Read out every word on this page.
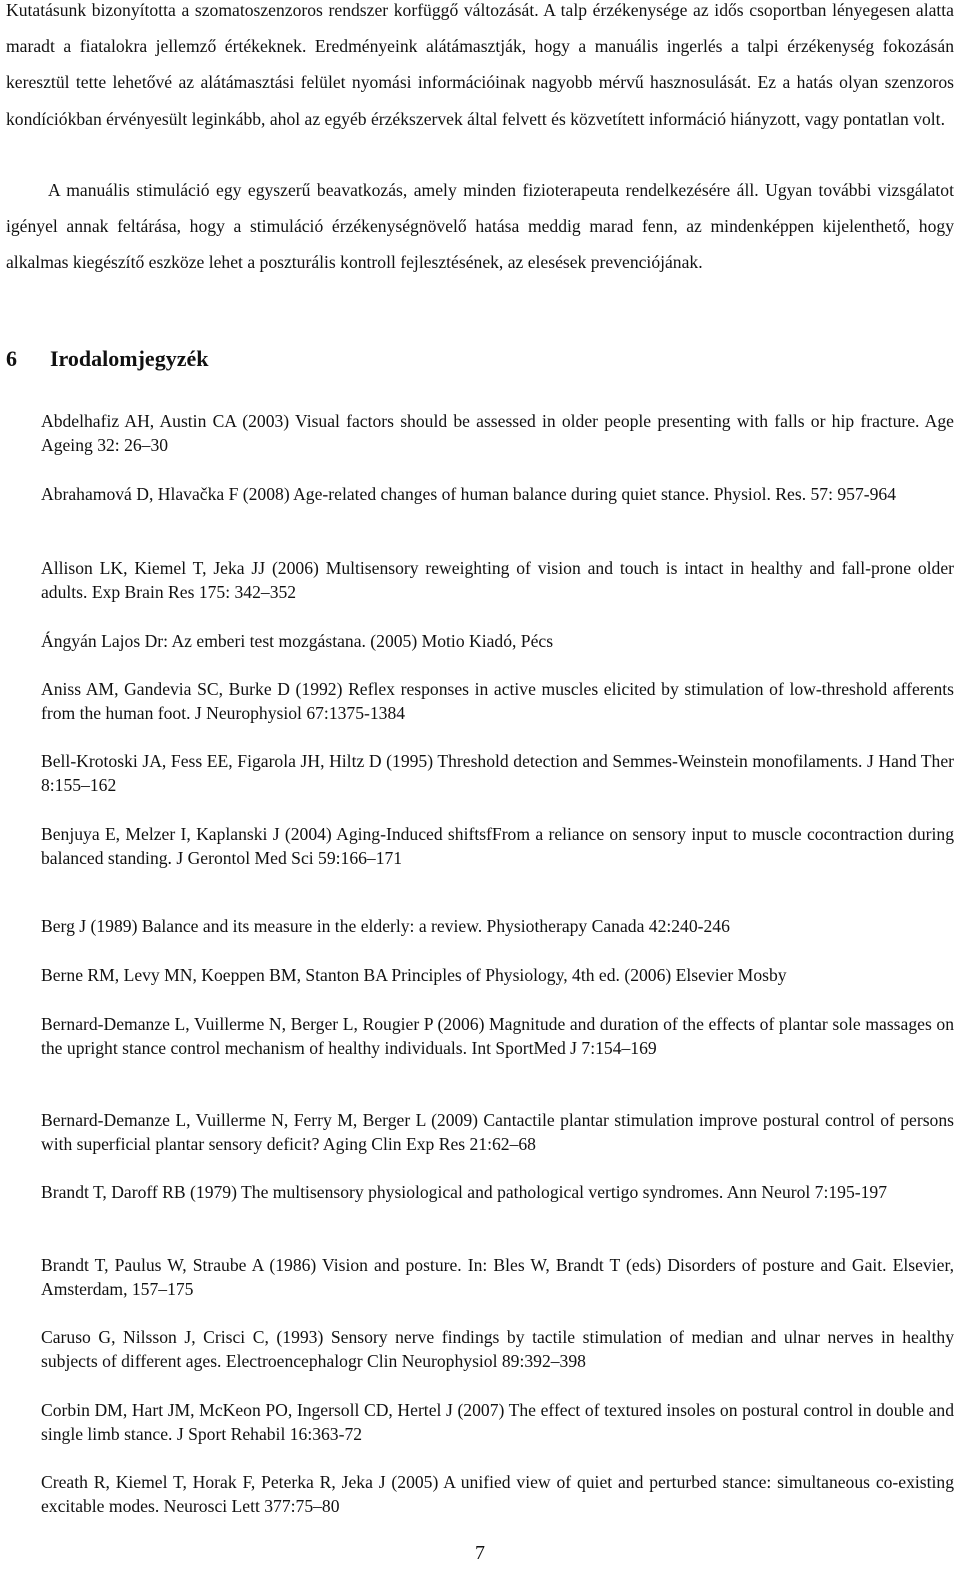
Kutatásunk bizonyította a szomatoszenzoros rendszer korfüggő változását. A talp érzékenysége az idős csoportban lényegesen alatta maradt a fiatalokra jellemző értékeknek. Eredményeink alátámasztják, hogy a manuális ingerlés a talpi érzékenység fokozásán keresztül tette lehetővé az alátámasztási felület nyomási információinak nagyobb mérvű hasznosulását. Ez a hatás olyan szenzoros kondíciókban érvényesült leginkább, ahol az egyéb érzékszervek által felvett és közvetített információ hiányzott, vagy pontatlan volt.

A manuális stimuláció egy egyszerű beavatkozás, amely minden fizioterapeuta rendelkezésére áll. Ugyan további vizsgálatot igényel annak feltárása, hogy a stimuláció érzékenységnövelő hatása meddig marad fenn, az mindenképpen kijelenthető, hogy alkalmas kiegészítő eszköze lehet a poszturális kontroll fejlesztésének, az elesések prevenciójának.

6 Irodalomjegyzék

Abdelhafiz AH, Austin CA (2003) Visual factors should be assessed in older people presenting with falls or hip fracture. Age Ageing 32: 26–30

Abrahamová D, Hlavačka F (2008) Age-related changes of human balance during quiet stance. Physiol. Res. 57: 957-964

Allison LK, Kiemel T, Jeka JJ (2006) Multisensory reweighting of vision and touch is intact in healthy and fall-prone older adults. Exp Brain Res 175: 342–352

Ángyán Lajos Dr: Az emberi test mozgástana. (2005) Motio Kiadó, Pécs

Aniss AM, Gandevia SC, Burke D (1992) Reflex responses in active muscles elicited by stimulation of low-threshold afferents from the human foot. J Neurophysiol 67:1375-1384

Bell-Krotoski JA, Fess EE, Figarola JH, Hiltz D (1995) Threshold detection and Semmes-Weinstein monofilaments. J Hand Ther 8:155–162

Benjuya E, Melzer I, Kaplanski J (2004) Aging-Induced shiftsfFrom a reliance on sensory input to muscle cocontraction during balanced standing. J Gerontol Med Sci 59:166–171

Berg J (1989) Balance and its measure in the elderly: a review. Physiotherapy Canada 42:240-246

Berne RM, Levy MN, Koeppen BM, Stanton BA Principles of Physiology, 4th ed. (2006) Elsevier Mosby

Bernard-Demanze L, Vuillerme N, Berger L, Rougier P (2006) Magnitude and duration of the effects of plantar sole massages on the upright stance control mechanism of healthy individuals. Int SportMed J 7:154–169

Bernard-Demanze L, Vuillerme N, Ferry M, Berger L (2009) Cantactile plantar stimulation improve postural control of persons with superficial plantar sensory deficit? Aging Clin Exp Res 21:62–68

Brandt T, Daroff RB (1979) The multisensory physiological and pathological vertigo syndromes. Ann Neurol 7:195-197

Brandt T, Paulus W, Straube A (1986) Vision and posture. In: Bles W, Brandt T (eds) Disorders of posture and Gait. Elsevier, Amsterdam, 157–175

Caruso G, Nilsson J, Crisci C, (1993) Sensory nerve findings by tactile stimulation of median and ulnar nerves in healthy subjects of different ages. Electroencephalogr Clin Neurophysiol 89:392–398

Corbin DM, Hart JM, McKeon PO, Ingersoll CD, Hertel J (2007) The effect of textured insoles on postural control in double and single limb stance. J Sport Rehabil 16:363-72

Creath R, Kiemel T, Horak F, Peterka R, Jeka J (2005) A unified view of quiet and perturbed stance: simultaneous co-existing excitable modes. Neurosci Lett 377:75–80

7
